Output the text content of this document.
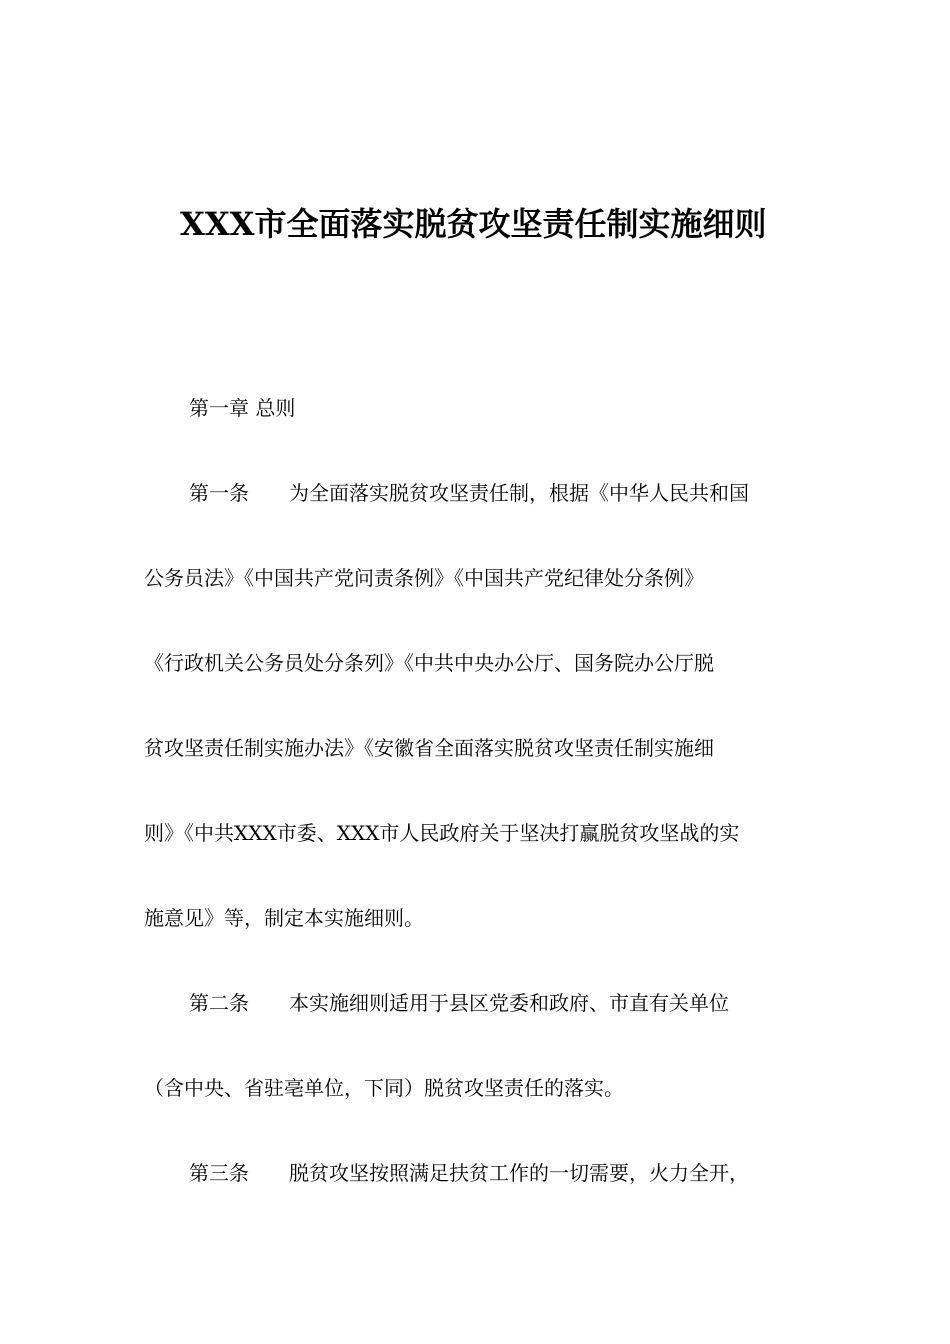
XXX市全面落实脱贫攻坚责任制实施细则
第一章 总则
第一条 为全面落实脱贫攻坚责任制，根据《中华人民共和国
公务员法》《中国共产党问责条例》《中国共产党纪律处分条例》
《行政机关公务员处分条列》《中共中央办公厅、国务院办公厅脱
贫攻坚责任制实施办法》《安徽省全面落实脱贫攻坚责任制实施细
则》《中共XXX市委、XXX市人民政府关于坚决打赢脱贫攻坚战的实
施意见》等，制定本实施细则。
第二条 本实施细则适用于县区党委和政府、市直有关单位
（含中央、省驻亳单位，下同）脱贫攻坚责任的落实。
第三条 脱贫攻坚按照满足扶贫工作的一切需要，火力全开，
